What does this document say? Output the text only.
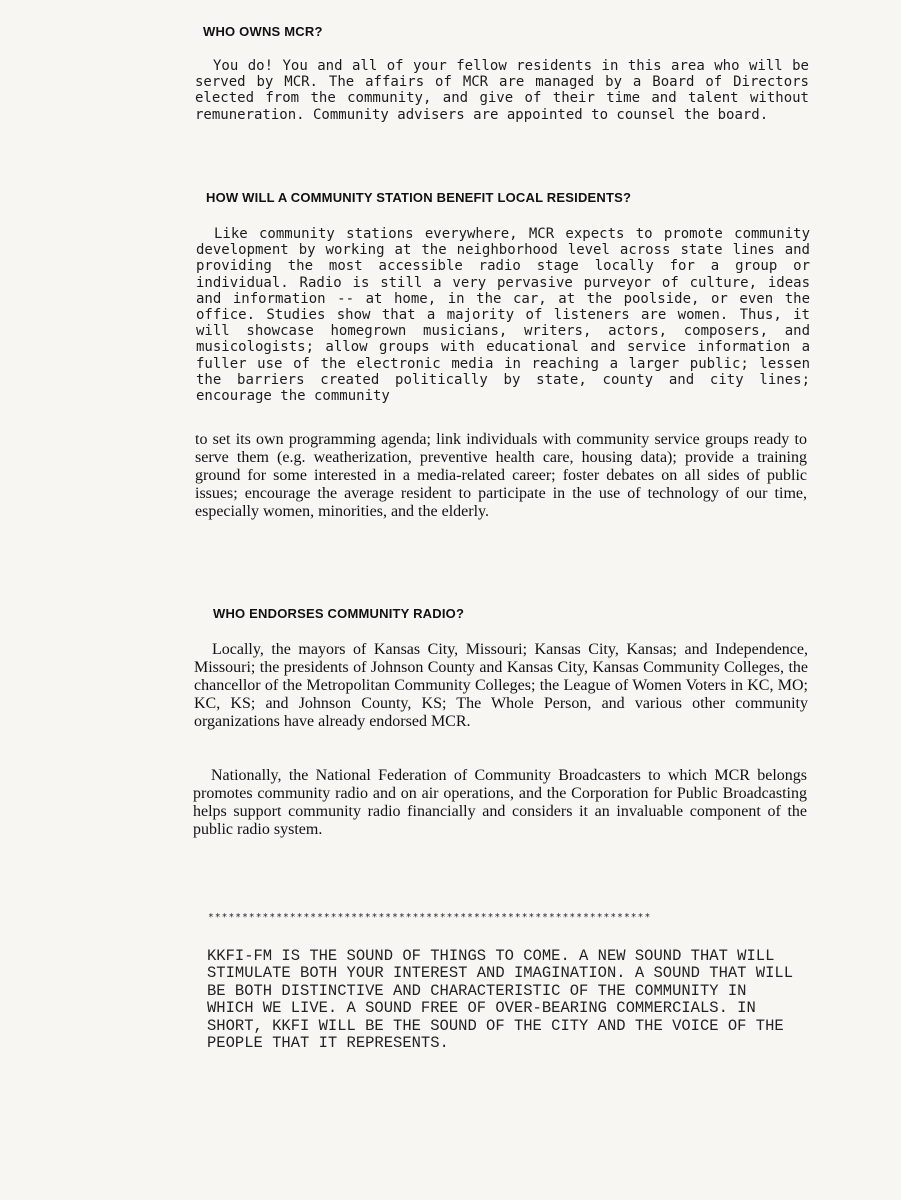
WHO OWNS MCR?

You do! You and all of your fellow residents in this area who will be served by MCR. The affairs of MCR are managed by a Board of Directors elected from the community, and give of their time and talent without remuneration. Community advisers are appointed to counsel the board.

HOW WILL A COMMUNITY STATION BENEFIT LOCAL RESIDENTS?

Like community stations everywhere, MCR expects to promote community development by working at the neighborhood level across state lines and providing the most accessible radio stage locally for a group or individual. Radio is still a very pervasive purveyor of culture, ideas and information -- at home, in the car, at the poolside, or even the office. Studies show that a majority of listeners are women. Thus, it will showcase homegrown musicians, writers, actors, composers, and musicologists; allow groups with educational and service information a fuller use of the electronic media in reaching a larger public; lessen the barriers created politically by state, county and city lines; encourage the community

to set its own programming agenda; link individuals with community service groups ready to serve them (e.g. weatherization, preventive health care, housing data); provide a training ground for some interested in a media-related career; foster debates on all sides of public issues; encourage the average resident to participate in the use of technology of our time, especially women, minorities, and the elderly.

WHO ENDORSES COMMUNITY RADIO?

Locally, the mayors of Kansas City, Missouri; Kansas City, Kansas; and Independence, Missouri; the presidents of Johnson County and Kansas City, Kansas Community Colleges, the chancellor of the Metropolitan Community Colleges; the League of Women Voters in KC, MO; KC, KS; and Johnson County, KS; The Whole Person, and various other community organizations have already endorsed MCR.

Nationally, the National Federation of Community Broadcasters to which MCR belongs promotes community radio and on air operations, and the Corporation for Public Broadcasting helps support community radio financially and considers it an invaluable component of the public radio system.

*****************************************************************

KKFI-FM IS THE SOUND OF THINGS TO COME. A NEW SOUND THAT WILL STIMULATE BOTH YOUR INTEREST AND IMAGINATION. A SOUND THAT WILL BE BOTH DISTINCTIVE AND CHARACTERISTIC OF THE COMMUNITY IN WHICH WE LIVE. A SOUND FREE OF OVER-BEARING COMMERCIALS. IN SHORT, KKFI WILL BE THE SOUND OF THE CITY AND THE VOICE OF THE PEOPLE THAT IT REPRESENTS.
